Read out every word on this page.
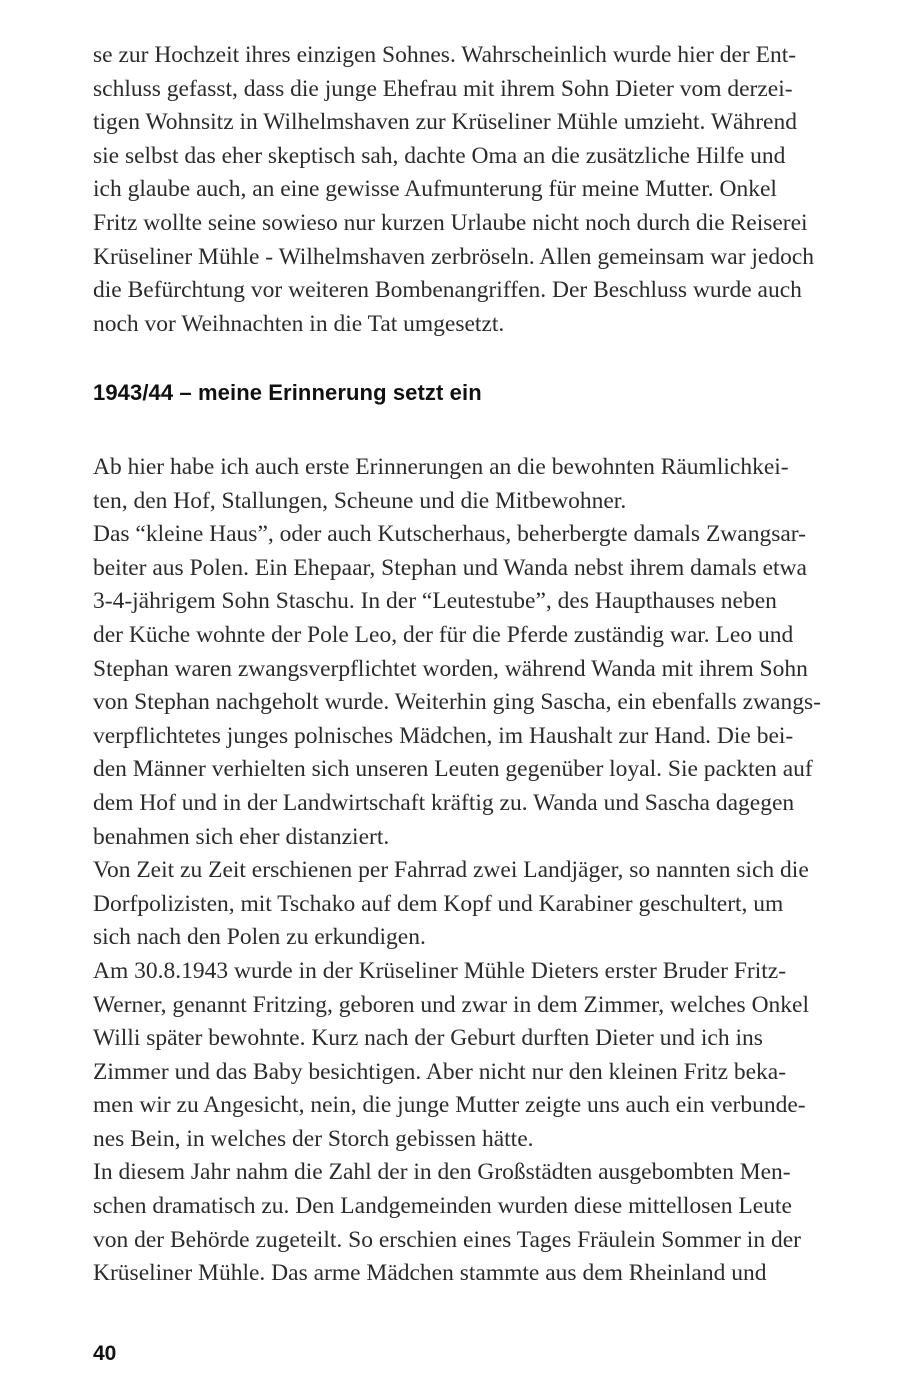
se zur Hochzeit ihres einzigen Sohnes. Wahrscheinlich wurde hier der Ent-
schluss gefasst, dass die junge Ehefrau mit ihrem Sohn Dieter vom derzei-
tigen Wohnsitz in Wilhelmshaven zur Krüseliner Mühle umzieht. Während
sie selbst das eher skeptisch sah, dachte Oma an die zusätzliche Hilfe und
ich glaube auch, an eine gewisse Aufmunterung für meine Mutter. Onkel
Fritz wollte seine sowieso nur kurzen Urlaube nicht noch durch die Reiserei
Krüseliner Mühle - Wilhelmshaven zerbröseln. Allen gemeinsam war jedoch
die Befürchtung vor weiteren Bombenangriffen. Der Beschluss wurde auch
noch vor Weihnachten in die Tat umgesetzt.

1943/44 – meine Erinnerung setzt ein

Ab hier habe ich auch erste Erinnerungen an die bewohnten Räumlichkei-
ten, den Hof, Stallungen, Scheune und die Mitbewohner.

Das “kleine Haus”, oder auch Kutscherhaus, beherbergte damals Zwangsar-
beiter aus Polen. Ein Ehepaar, Stephan und Wanda nebst ihrem damals etwa
3-4-jährigem Sohn Staschu. In der “Leutestube”, des Haupthauses neben
der Küche wohnte der Pole Leo, der für die Pferde zuständig war. Leo und
Stephan waren zwangsverpflichtet worden, während Wanda mit ihrem Sohn
von Stephan nachgeholt wurde. Weiterhin ging Sascha, ein ebenfalls zwangs-
verpflichtetes junges polnisches Mädchen, im Haushalt zur Hand. Die bei-
den Männer verhielten sich unseren Leuten gegenüber loyal. Sie packten auf
dem Hof und in der Landwirtschaft kräftig zu. Wanda und Sascha dagegen
benahmen sich eher distanziert.

Von Zeit zu Zeit erschienen per Fahrrad zwei Landjäger, so nannten sich die
Dorfpolizisten, mit Tschako auf dem Kopf und Karabiner geschultert, um
sich nach den Polen zu erkundigen.

Am 30.8.1943 wurde in der Krüseliner Mühle Dieters erster Bruder Fritz-
Werner, genannt Fritzing, geboren und zwar in dem Zimmer, welches Onkel
Willi später bewohnte. Kurz nach der Geburt durften Dieter und ich ins
Zimmer und das Baby besichtigen. Aber nicht nur den kleinen Fritz beka-
men wir zu Angesicht, nein, die junge Mutter zeigte uns auch ein verbunde-
nes Bein, in welches der Storch gebissen hätte.

In diesem Jahr nahm die Zahl der in den Großstädten ausgebombten Men-
schen dramatisch zu. Den Landgemeinden wurden diese mittellosen Leute
von der Behörde zugeteilt. So erschien eines Tages Fräulein Sommer in der
Krüseliner Mühle. Das arme Mädchen stammte aus dem Rheinland und

40
